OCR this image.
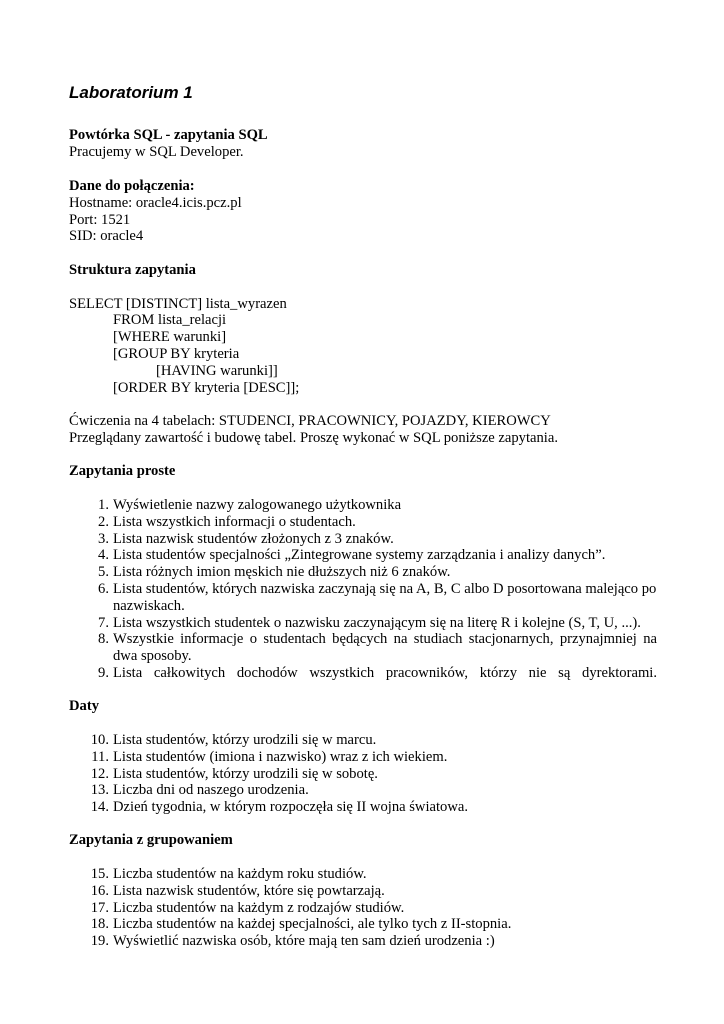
Laboratorium 1
Powtórka SQL - zapytania SQL
Pracujemy w SQL Developer.
Dane do połączenia:
Hostname: oracle4.icis.pcz.pl
Port: 1521
SID: oracle4
Struktura zapytania
SELECT [DISTINCT] lista_wyrazen
FROM lista_relacji
[WHERE warunki]
[GROUP BY kryteria
[HAVING warunki]]
[ORDER BY kryteria [DESC]];
Ćwiczenia na 4 tabelach: STUDENCI, PRACOWNICY, POJAZDY, KIEROWCY
Przeglądany zawartość i budowę tabel. Proszę wykonać w SQL poniższe zapytania.
Zapytania proste
1. Wyświetlenie nazwy zalogowanego użytkownika
2. Lista wszystkich informacji o studentach.
3. Lista nazwisk studentów złożonych z 3 znaków.
4. Lista studentów specjalności „Zintegrowane systemy zarządzania i analizy danych”.
5. Lista różnych imion męskich nie dłuższych niż 6 znaków.
6. Lista studentów, których nazwiska zaczynają się na A, B, C albo D posortowana malejąco po nazwiskach.
7. Lista wszystkich studentek o nazwisku zaczynającym się na literę R i kolejne (S, T, U, ...).
8. Wszystkie informacje o studentach będących na studiach stacjonarnych, przynajmniej na dwa sposoby.
9. Lista całkowitych dochodów wszystkich pracowników, którzy nie są dyrektorami.
Daty
10. Lista studentów, którzy urodzili się w marcu.
11. Lista studentów (imiona i nazwisko) wraz z ich wiekiem.
12. Lista studentów, którzy urodzili się w sobotę.
13. Liczba dni od naszego urodzenia.
14. Dzień tygodnia, w którym rozpoczęła się II wojna światowa.
Zapytania z grupowaniem
15. Liczba studentów na każdym roku studiów.
16. Lista nazwisk studentów, które się powtarzają.
17. Liczba studentów na każdym z rodzajów studiów.
18. Liczba studentów na każdej specjalności, ale tylko tych z II-stopnia.
19. Wyświetlić nazwiska osób, które mają ten sam dzień urodzenia :)
